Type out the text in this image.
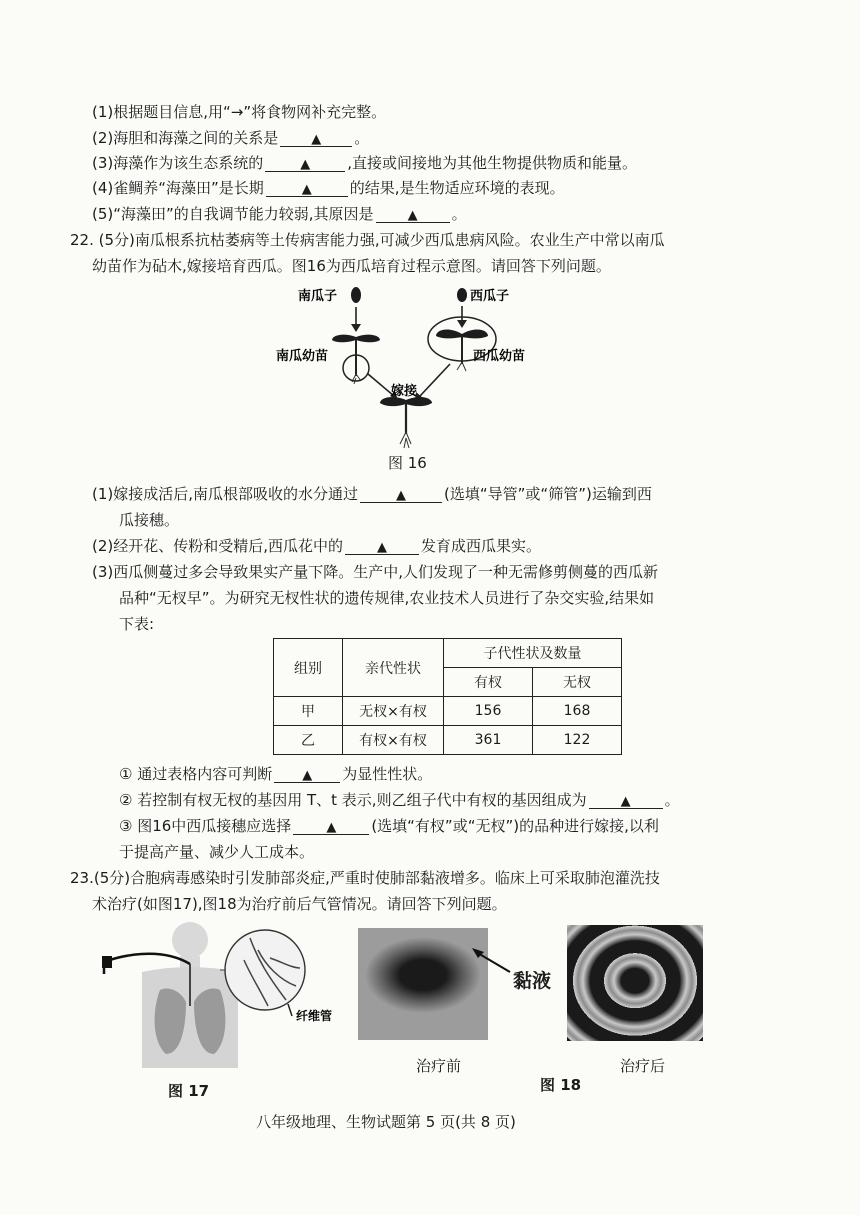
(1)根据题目信息,用“→”将食物网补充完整。
(2)海胆和海藻之间的关系是	▲ 。
(3)海藻作为该生态系统的	▲ ,直接或间接地为其他生物提供物质和能量。
(4)雀鲷养“海藻田”是长期	▲	的结果,是生物适应环境的表现。
(5)“海藻田”的自我调节能力较弱,其原因是	▲ 。
22. (5分)南瓜根系抗枯萎病等土传病害能力强,可减少西瓜患病风险。农业生产中常以南瓜
幼苗作为砧木,嫁接培育西瓜。图16为西瓜培育过程示意图。请回答下列问题。
南瓜子	西瓜子
南瓜幼苗	西瓜幼苗
嫁接
图 16
(1)嫁接成活后,南瓜根部吸收的水分通过	▲	(选填“导管”或“筛管”)运输到西
瓜接穗。
(2)经开花、传粉和受精后,西瓜花中的	▲ 发育成西瓜果实。
(3)西瓜侧蔓过多会导致果实产量下降。生产中,人们发现了一种无需修剪侧蔓的西瓜新
品种“无杈早”。为研究无杈性状的遗传规律,农业技术人员进行了杂交实验,结果如
下表:
组别	亲代性状	子代性状及数量	
		有杈	无杈
甲	无杈×有杈	156	168
乙	有杈×有杈	361	122
① 通过表格内容可判断 ▲ 为显性性状。
② 若控制有杈无杈的基因用 T、t 表示,则乙组子代中有杈的基因组成为	▲ 。
③ 图16中西瓜接穗应选择	▲ (选填“有杈”或“无杈”)的品种进行嫁接,以利
于提高产量、减少人工成本。
23.(5分)合胞病毒感染时引发肺部炎症,严重时使肺部黏液增多。临床上可采取肺泡灌洗技
术治疗(如图17),图18为治疗前后气管情况。请回答下列问题。
纤维管
图 17
黏液
治疗前	治疗后
图 18
八年级地理、生物试题第 5 页(共 8 页)
